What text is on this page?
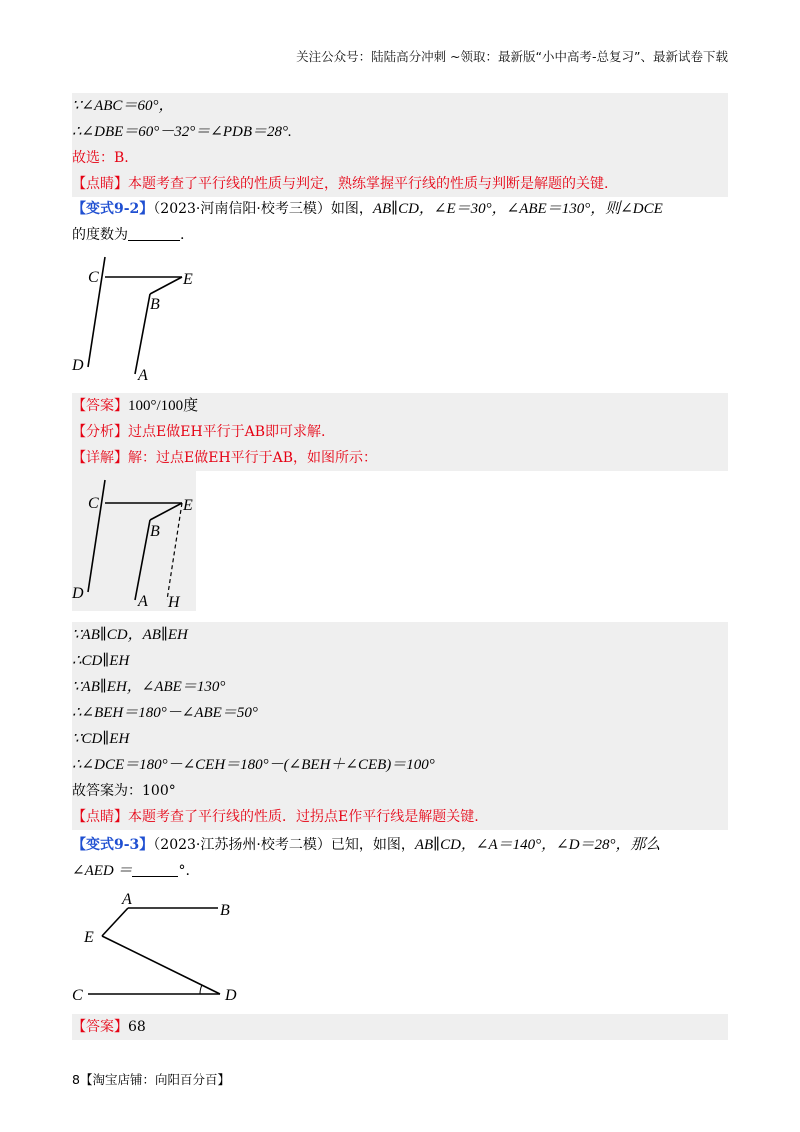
关注公众号：陆陆高分冲刺 ~领取：最新版“小中高考-总复习”、最新试卷下载
∵∠ABC＝60°，
∴∠DBE＝60°－32°＝∠PDB＝28°.
故选：B.
【点睛】本题考查了平行线的性质与判定，熟练掌握平行线的性质与判断是解题的关键.
【变式9-2】（2023·河南信阳·校考三模）如图，AB∥CD，∠E＝30°，∠ABE＝130°，则∠DCE
的度数为	.
C	E
B
D
A
【答案】100°/100度
【分析】过点E做EH平行于AB即可求解.
【详解】解：过点E做EH平行于AB，如图所示：
C	E
B
D	A H
∵AB∥CD，AB∥EH
∴CD∥EH
∵AB∥EH，∠ABE＝130°
∴∠BEH＝180°－∠ABE＝50°
∵CD∥EH
∴∠DCE＝180°－∠CEH＝180°－(∠BEH＋∠CEB)＝100°
故答案为：100°
【点睛】本题考查了平行线的性质．过拐点E作平行线是解题关键.
【变式9-3】（2023·江苏扬州·校考二模）已知，如图，AB∥CD，∠A＝140°，∠D＝28°，那么
∠AED ＝	°.
A
B
E
C	D
【答案】68
8【淘宝店铺：向阳百分百】
